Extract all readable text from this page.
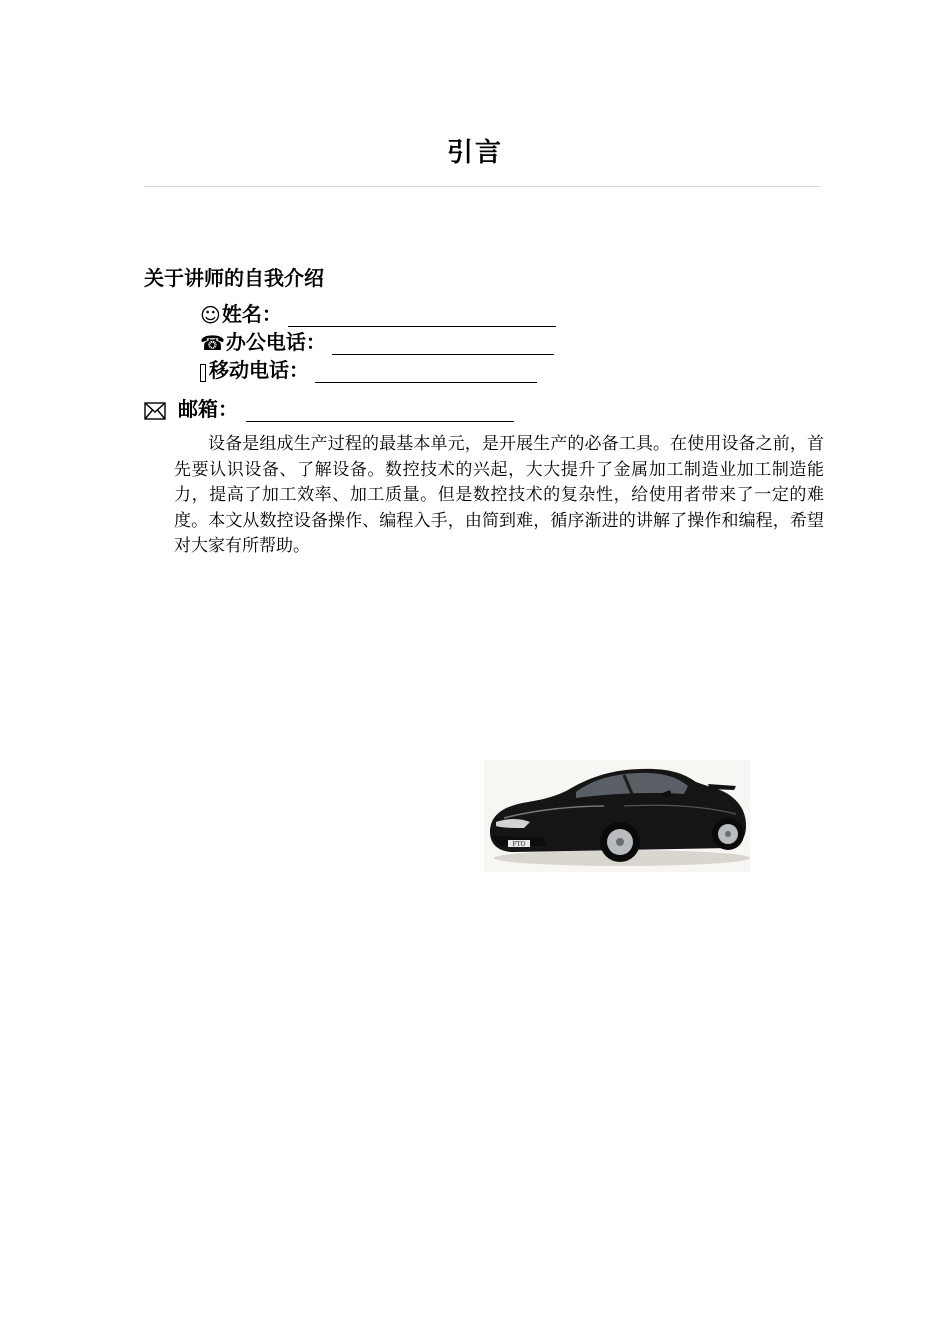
引言
关于讲师的自我介绍
☺ 姓名：
☎ 办公电话：
移动电话：
邮箱：

设备是组成生产过程的最基本单元，是开展生产的必备工具。在使用设备之前，首先要认识设备、了解设备。数控技术的兴起，大大提升了金属加工制造业加工制造能力，提高了加工效率、加工质量。但是数控技术的复杂性，给使用者带来了一定的难度。本文从数控设备操作、编程入手，由简到难，循序渐进的讲解了操作和编程，希望对大家有所帮助。

FTO
